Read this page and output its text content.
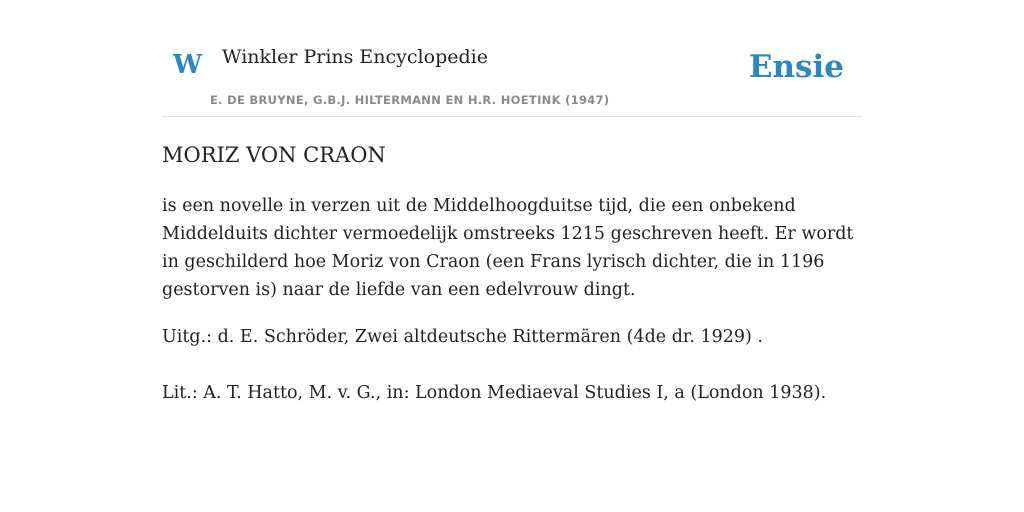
W Winkler Prins Encyclopedie
E. DE BRUYNE, G.B.J. HILTERMANN EN H.R. HOETINK (1947)
Ensie
MORIZ VON CRAON

is een novelle in verzen uit de Middelhoogduitse tijd, die een onbekend Middelduits dichter vermoedelijk omstreeks 1215 geschreven heeft. Er wordt in geschilderd hoe Moriz von Craon (een Frans lyrisch dichter, die in 1196 gestorven is) naar de liefde van een edelvrouw dingt.

Uitg.: d. E. Schröder, Zwei altdeutsche Rittermären (4de dr. 1929) .

Lit.: A. T. Hatto, M. v. G., in: London Mediaeval Studies I, a (London 1938).
